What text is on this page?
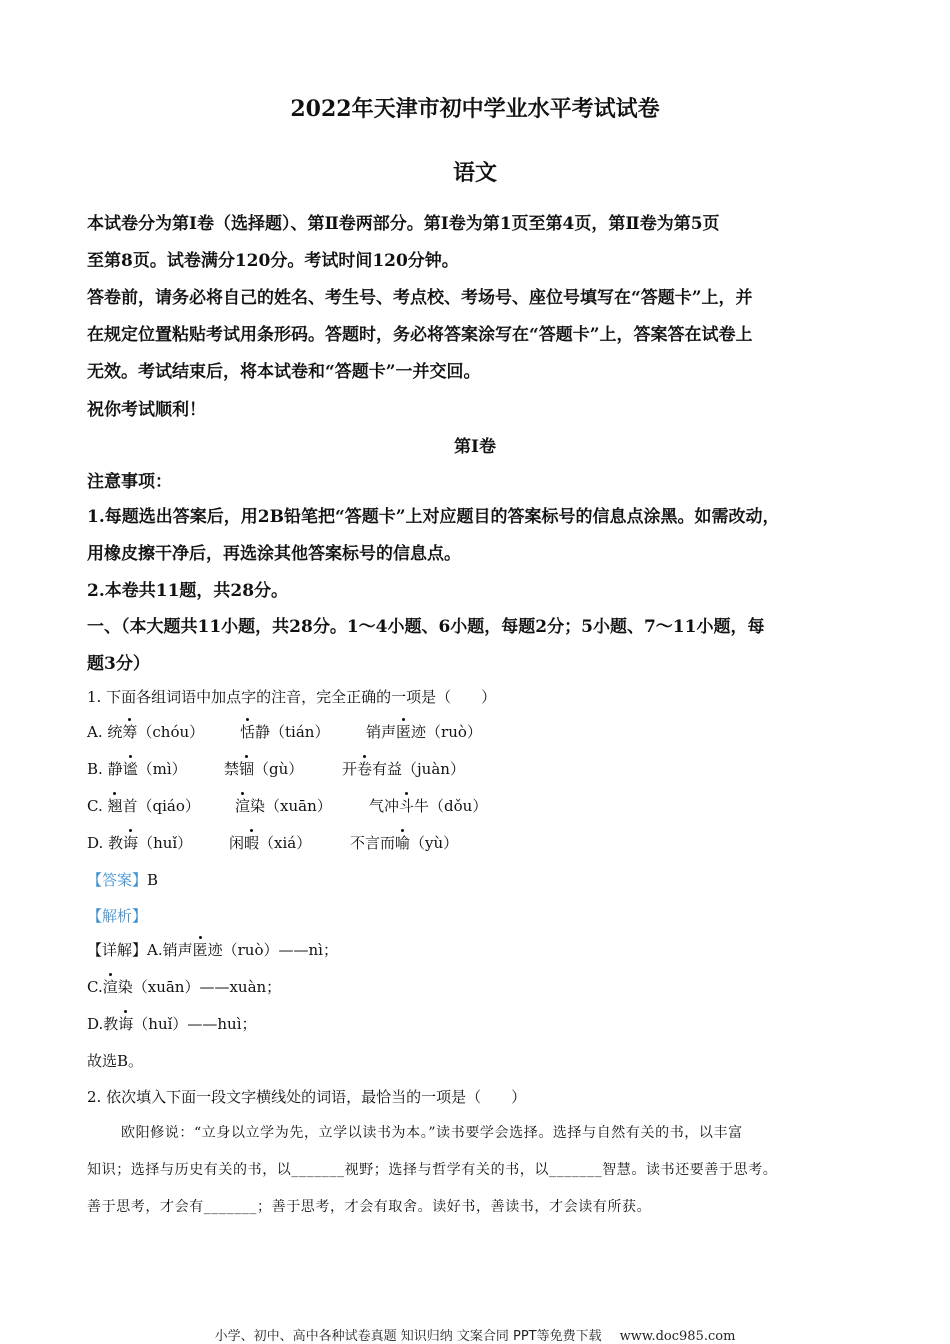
2022年天津市初中学业水平考试试卷
语文
本试卷分为第Ⅰ卷（选择题）、第Ⅱ卷两部分。第Ⅰ卷为第1页至第4页，第Ⅱ卷为第5页
至第8页。试卷满分120分。考试时间120分钟。
答卷前，请务必将自己的姓名、考生号、考点校、考场号、座位号填写在“答题卡”上，并
在规定位置粘贴考试用条形码。答题时，务必将答案涂写在“答题卡”上，答案答在试卷上
无效。考试结束后，将本试卷和“答题卡”一并交回。
祝你考试顺利！
第Ⅰ卷
注意事项：
1.每题选出答案后，用2B铅笔把“答题卡”上对应题目的答案标号的信息点涂黑。如需改动，
用橡皮擦干净后，再选涂其他答案标号的信息点。
2.本卷共11题，共28分。
一、（本大题共11小题，共28分。1～4小题、6小题，每题2分；5小题、7～11小题，每
题3分）
1. 下面各组词语中加点字的注音，完全正确的一项是（　　）
A. 统筹（chóu） 恬静（tián） 销声匿迹（ruò）
B. 静谧（mì） 禁锢（gù）	开卷有益（juàn）
C. 翘首（qiáo） 渲染（xuān） 气冲斗牛（dǒu）
D. 教诲（huǐ） 闲暇（xiá）	不言而喻（yù）
【答案】B
【解析】
【详解】A.销声匿迹（ruò）——nì；
C.渲染（xuān）——xuàn；
D.教诲（huǐ）——huì；
故选B。
2. 依次填入下面一段文字横线处的词语，最恰当的一项是（　　）
欧阳修说：“立身以立学为先，立学以读书为本。”读书要学会选择。选择与自然有关的书，以丰富
知识；选择与历史有关的书，以_______视野；选择与哲学有关的书，以_______智慧。读书还要善于思考。
善于思考，才会有_______；善于思考，才会有取舍。读好书，善读书，才会读有所获。
小学、初中、高中各种试卷真题 知识归纳 文案合同 PPT等免费下载 www.doc985.com
